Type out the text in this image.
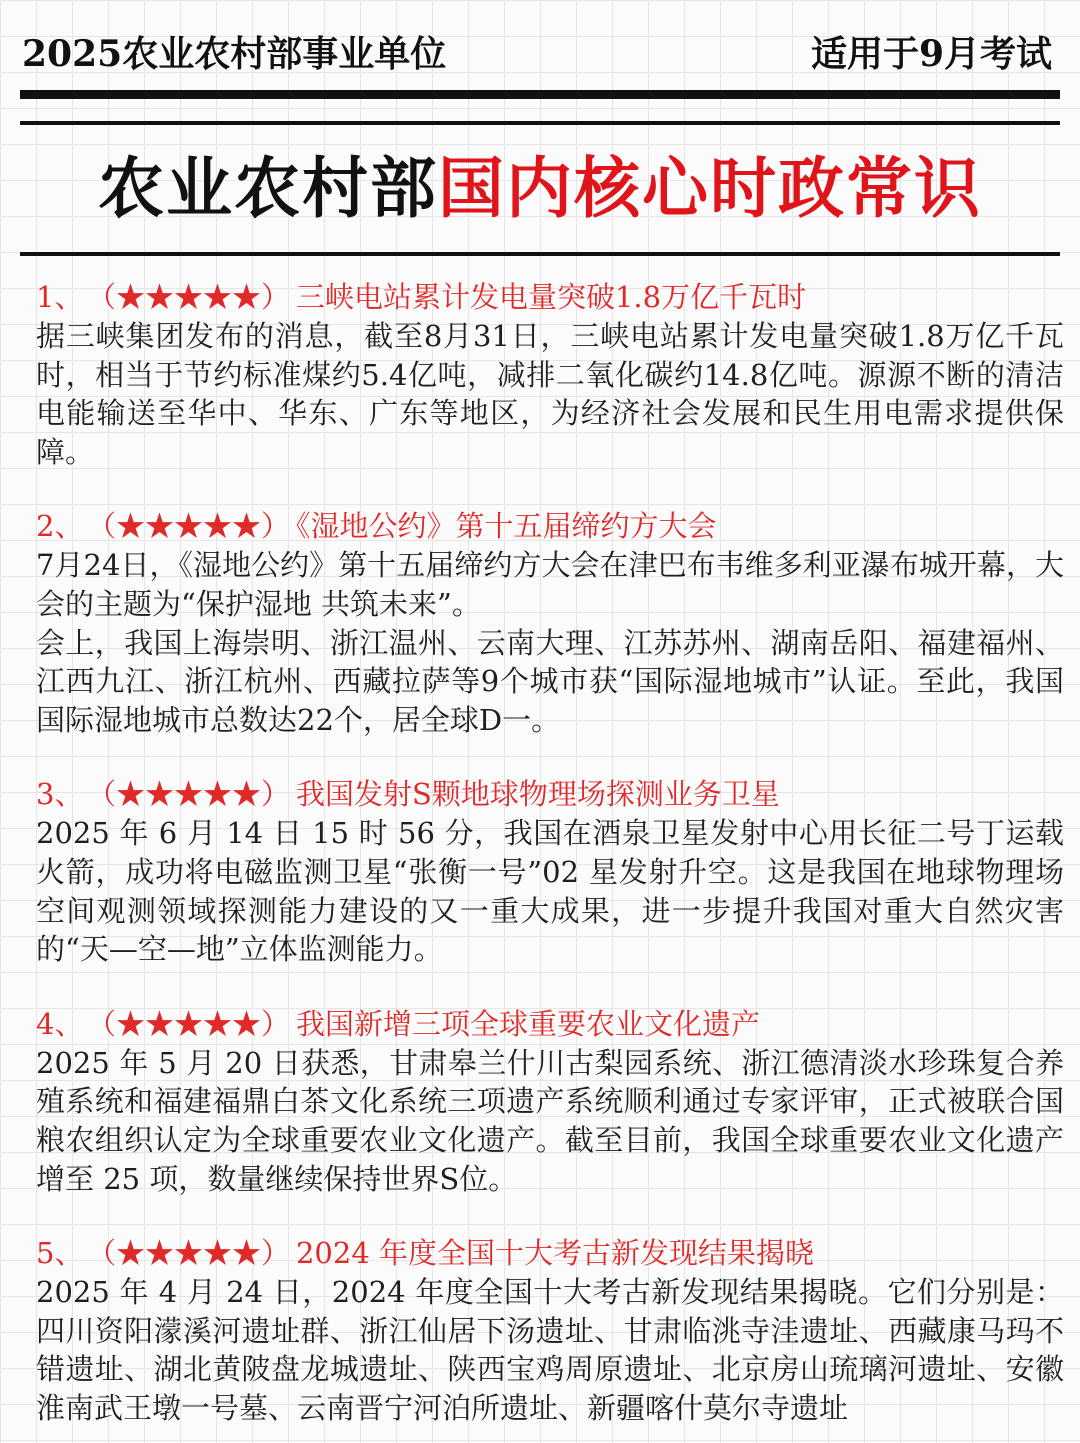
2025农业农村部事业单位	适用于9月考试
农业农村部国内核心时政常识
1、 （★★★★★） 三峡电站累计发电量突破1.8万亿千瓦时

据三峡集团发布的消息，截至8月31日，三峡电站累计发电量突破1.8万亿千瓦时，相当于节约标准煤约5.4亿吨，减排二氧化碳约14.8亿吨。源源不断的清洁电能输送至华中、华东、广东等地区，为经济社会发展和民生用电需求提供保障。

2、 （★★★★★） 《湿地公约》第十五届缔约方大会

7月24日，《湿地公约》第十五届缔约方大会在津巴布韦维多利亚瀑布城开幕，大会的主题为“保护湿地 共筑未来”。

会上，我国上海崇明、浙江温州、云南大理、江苏苏州、湖南岳阳、福建福州、江西九江、浙江杭州、西藏拉萨等9个城市获“国际湿地城市”认证。至此，我国国际湿地城市总数达22个，居全球D一。

3、 （★★★★★） 我国发射S颗地球物理场探测业务卫星

2025 年 6 月 14 日 15 时 56 分，我国在酒泉卫星发射中心用长征二号丁运载火箭，成功将电磁监测卫星“张衡一号”02 星发射升空。这是我国在地球物理场空间观测领域探测能力建设的又一重大成果，进一步提升我国对重大自然灾害的“天—空—地”立体监测能力。

4、 （★★★★★） 我国新增三项全球重要农业文化遗产

2025 年 5 月 20 日获悉，甘肃皋兰什川古梨园系统、浙江德清淡水珍珠复合养殖系统和福建福鼎白茶文化系统三项遗产系统顺利通过专家评审，正式被联合国粮农组织认定为全球重要农业文化遗产。截至目前，我国全球重要农业文化遗产增至 25 项，数量继续保持世界S位。

5、 （★★★★★） 2024 年度全国十大考古新发现结果揭晓

2025 年 4 月 24 日，2024 年度全国十大考古新发现结果揭晓。它们分别是：四川资阳濛溪河遗址群、浙江仙居下汤遗址、甘肃临洮寺洼遗址、西藏康马玛不错遗址、湖北黄陂盘龙城遗址、陕西宝鸡周原遗址、北京房山琉璃河遗址、安徽淮南武王墩一号墓、云南晋宁河泊所遗址、新疆喀什莫尔寺遗址
